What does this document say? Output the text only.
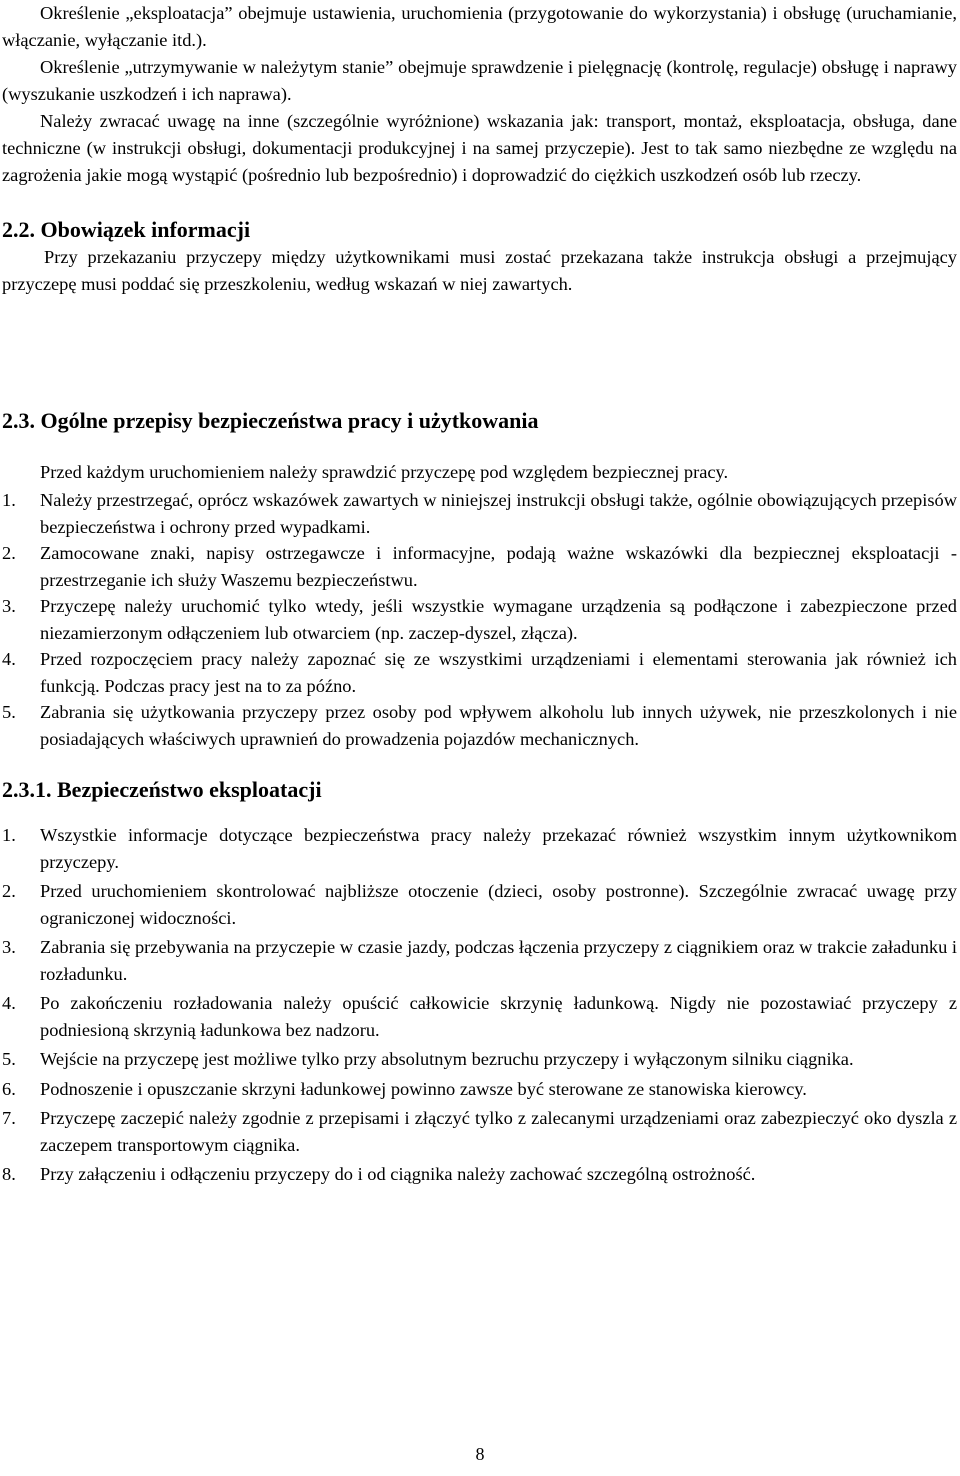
Określenie „eksploatacja” obejmuje ustawienia, uruchomienia (przygotowanie do wykorzystania) i obsługę (uruchamianie, włączanie, wyłączanie itd.).

Określenie „utrzymywanie w należytym stanie” obejmuje sprawdzenie i pielęgnację (kontrolę, regulacje) obsługę i naprawy (wyszukanie uszkodzeń i ich naprawa).

Należy zwracać uwagę na inne (szczególnie wyróżnione) wskazania jak: transport, montaż, eksploatacja, obsługa, dane techniczne (w instrukcji obsługi, dokumentacji produkcyjnej i na samej przyczepie). Jest to tak samo niezbędne ze względu na zagrożenia jakie mogą wystąpić (pośrednio lub bezpośrednio) i doprowadzić do ciężkich uszkodzeń osób lub rzeczy.

2.2. Obowiązek informacji

Przy przekazaniu przyczepy między użytkownikami musi zostać przekazana także instrukcja obsługi a przejmujący przyczepę musi poddać się przeszkoleniu, według wskazań w niej zawartych.

2.3. Ogólne przepisy bezpieczeństwa pracy i użytkowania

Przed każdym uruchomieniem należy sprawdzić przyczepę pod względem bezpiecznej pracy.

1. Należy przestrzegać, oprócz wskazówek zawartych w niniejszej instrukcji obsługi także, ogólnie obowiązujących przepisów bezpieczeństwa i ochrony przed wypadkami.
2. Zamocowane znaki, napisy ostrzegawcze i informacyjne, podają ważne wskazówki dla bezpiecznej eksploatacji - przestrzeganie ich służy Waszemu bezpieczeństwu.
3. Przyczepę należy uruchomić tylko wtedy, jeśli wszystkie wymagane urządzenia są podłączone i zabezpieczone przed niezamierzonym odłączeniem lub otwarciem (np. zaczep-dyszel, złącza).
4. Przed rozpoczęciem pracy należy zapoznać się ze wszystkimi urządzeniami i elementami sterowania jak również ich funkcją. Podczas pracy jest na to za późno.
5. Zabrania się użytkowania przyczepy przez osoby pod wpływem alkoholu lub innych używek, nie przeszkolonych i nie posiadających właściwych uprawnień do prowadzenia pojazdów mechanicznych.
2.3.1. Bezpieczeństwo eksploatacji
1. Wszystkie informacje dotyczące bezpieczeństwa pracy należy przekazać również wszystkim innym użytkownikom przyczepy.
2. Przed uruchomieniem skontrolować najbliższe otoczenie (dzieci, osoby postronne). Szczególnie zwracać uwagę przy ograniczonej widoczności.
3. Zabrania się przebywania na przyczepie w czasie jazdy, podczas łączenia przyczepy z ciągnikiem oraz w trakcie załadunku i rozładunku.
4. Po zakończeniu rozładowania należy opuścić całkowicie skrzynię ładunkową. Nigdy nie pozostawiać przyczepy z podniesioną skrzynią ładunkowa bez nadzoru.
5. Wejście na przyczepę jest możliwe tylko przy absolutnym bezruchu przyczepy i wyłączonym silniku ciągnika.
6. Podnoszenie i opuszczanie skrzyni ładunkowej powinno zawsze być sterowane ze stanowiska kierowcy.
7. Przyczepę zaczepić należy zgodnie z przepisami i złączyć tylko z zalecanymi urządzeniami oraz zabezpieczyć oko dyszla z zaczepem transportowym ciągnika.
8. Przy załączeniu i odłączeniu przyczepy do i od ciągnika należy zachować szczególną ostrożność.
8
